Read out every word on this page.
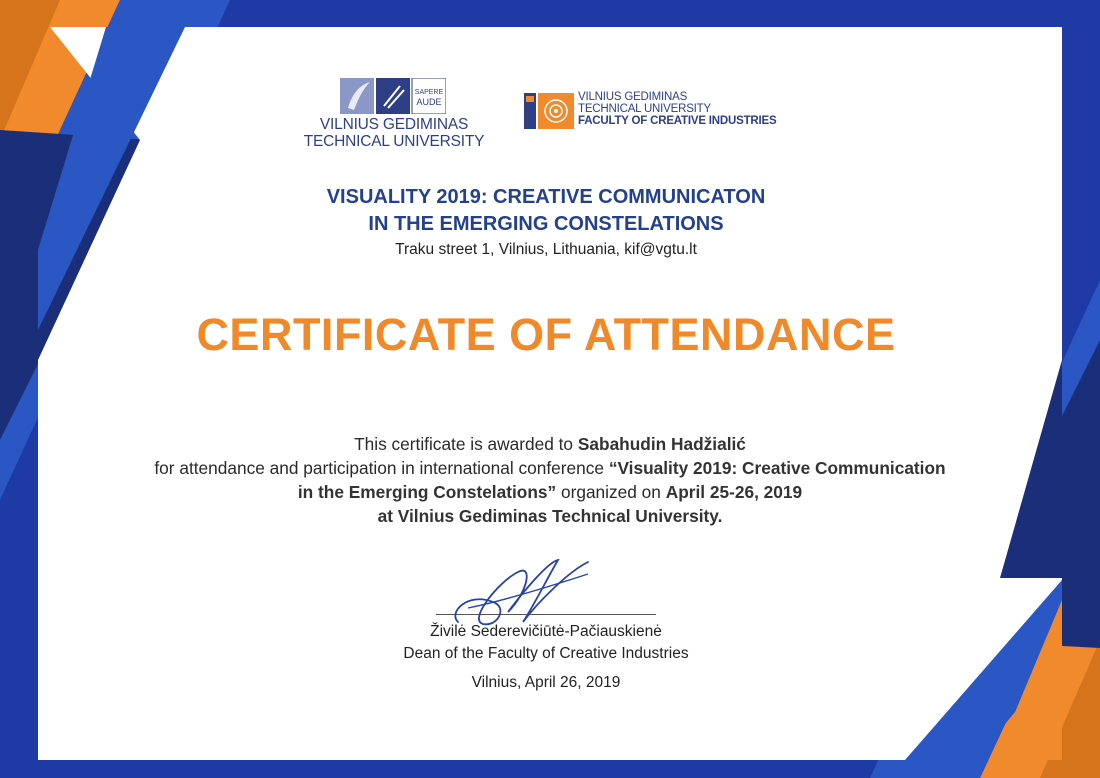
SAPERE
AUDE
VILNIUS GEDIMINAS
TECHNICAL UNIVERSITY
VILNIUS GEDIMINAS
TECHNICAL UNIVERSITY
FACULTY OF CREATIVE INDUSTRIES
VISUALITY 2019: CREATIVE COMMUNICATON
IN THE EMERGING CONSTELATIONS
Traku street 1, Vilnius, Lithuania, kif@vgtu.lt
CERTIFICATE OF ATTENDANCE
This certificate is awarded to Sabahudin Hadžialić
for attendance and participation in international conference “Visuality 2019: Creative Communication in the Emerging Constelations” organized on April 25-26, 2019
at Vilnius Gediminas Technical University.
Živilė Sederevičiūtė-Pačiauskienė
Dean of the Faculty of Creative Industries
Vilnius, April 26, 2019
